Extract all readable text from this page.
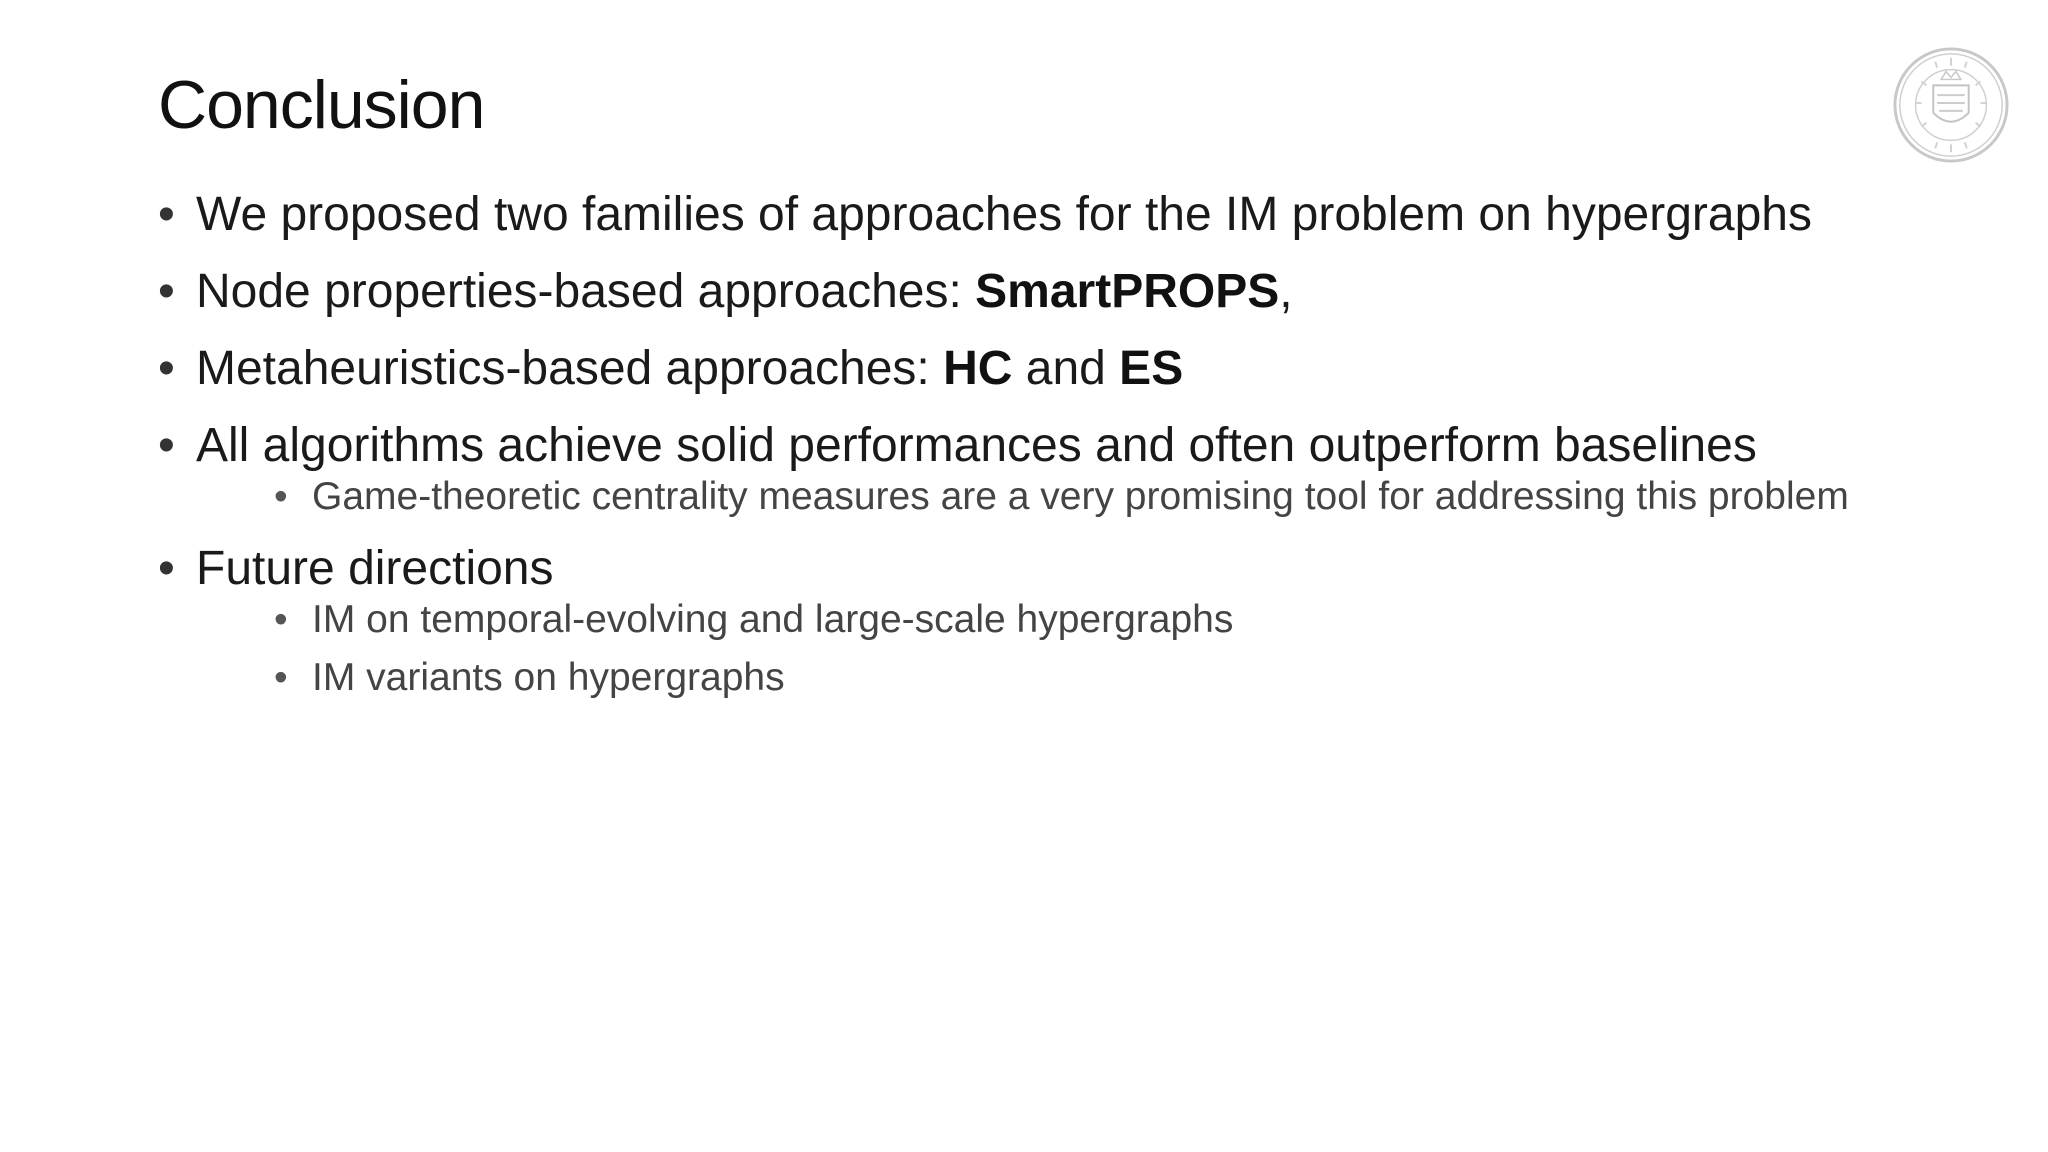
Conclusion
• We proposed two families of approaches for the IM problem on hypergraphs
• Node properties-based approaches: SmartPROPS,
• Metaheuristics-based approaches: HC and ES
• All algorithms achieve solid performances and often outperform baselines
• Game-theoretic centrality measures are a very promising tool for addressing this problem
• Future directions
• IM on temporal-evolving and large-scale hypergraphs
• IM variants on hypergraphs
